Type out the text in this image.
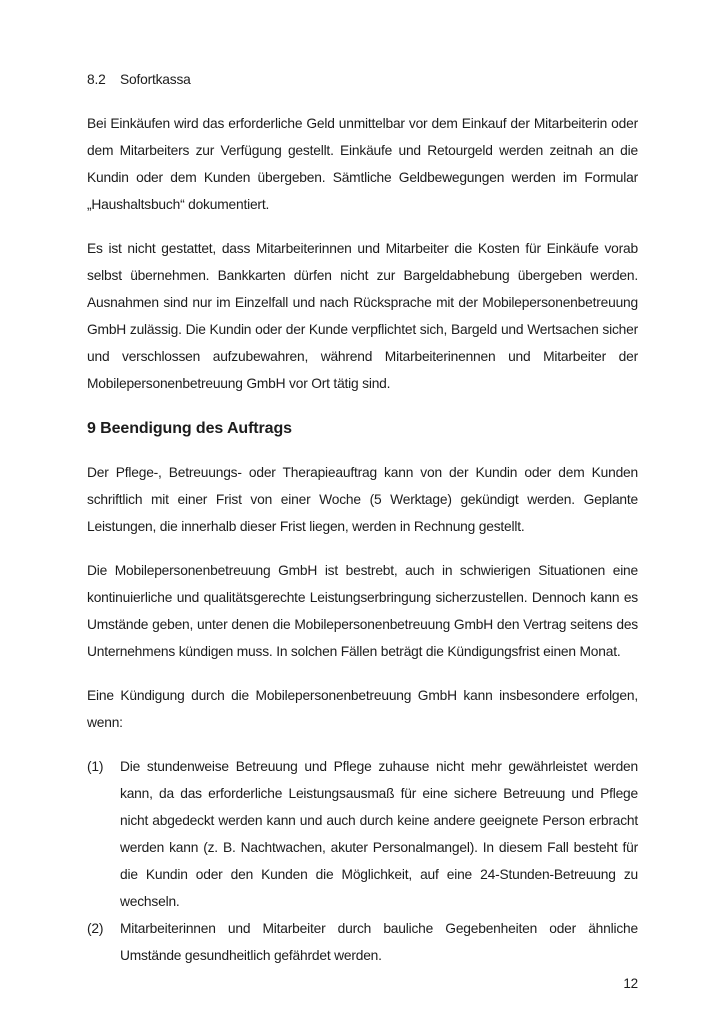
8.2 Sofortkassa

Bei Einkäufen wird das erforderliche Geld unmittelbar vor dem Einkauf der Mitarbeiterin oder dem Mitarbeiters zur Verfügung gestellt. Einkäufe und Retourgeld werden zeitnah an die Kundin oder dem Kunden übergeben. Sämtliche Geldbewegungen werden im Formular „Haushaltsbuch“ dokumentiert.

Es ist nicht gestattet, dass Mitarbeiterinnen und Mitarbeiter die Kosten für Einkäufe vorab selbst übernehmen. Bankkarten dürfen nicht zur Bargeldabhebung übergeben werden. Ausnahmen sind nur im Einzelfall und nach Rücksprache mit der Mobilepersonenbetreuung GmbH zulässig. Die Kundin oder der Kunde verpflichtet sich, Bargeld und Wertsachen sicher und verschlossen aufzubewahren, während Mitarbeiterinennen und Mitarbeiter der Mobilepersonenbetreuung GmbH vor Ort tätig sind.

9 Beendigung des Auftrags

Der Pflege-, Betreuungs- oder Therapieauftrag kann von der Kundin oder dem Kunden schriftlich mit einer Frist von einer Woche (5 Werktage) gekündigt werden. Geplante Leistungen, die innerhalb dieser Frist liegen, werden in Rechnung gestellt.

Die Mobilepersonenbetreuung GmbH ist bestrebt, auch in schwierigen Situationen eine kontinuierliche und qualitätsgerechte Leistungserbringung sicherzustellen. Dennoch kann es Umstände geben, unter denen die Mobilepersonenbetreuung GmbH den Vertrag seitens des Unternehmens kündigen muss. In solchen Fällen beträgt die Kündigungsfrist einen Monat.

Eine Kündigung durch die Mobilepersonenbetreuung GmbH kann insbesondere erfolgen, wenn:

(1)	Die stundenweise Betreuung und Pflege zuhause nicht mehr gewährleistet werden kann, da das erforderliche Leistungsausmaß für eine sichere Betreuung und Pflege nicht abgedeckt werden kann und auch durch keine andere geeignete Person erbracht werden kann (z. B. Nachtwachen, akuter Personalmangel). In diesem Fall besteht für die Kundin oder den Kunden die Möglichkeit, auf eine 24-Stunden-Betreuung zu wechseln.
(2)	Mitarbeiterinnen und Mitarbeiter durch bauliche Gegebenheiten oder ähnliche Umstände gesundheitlich gefährdet werden.
12
